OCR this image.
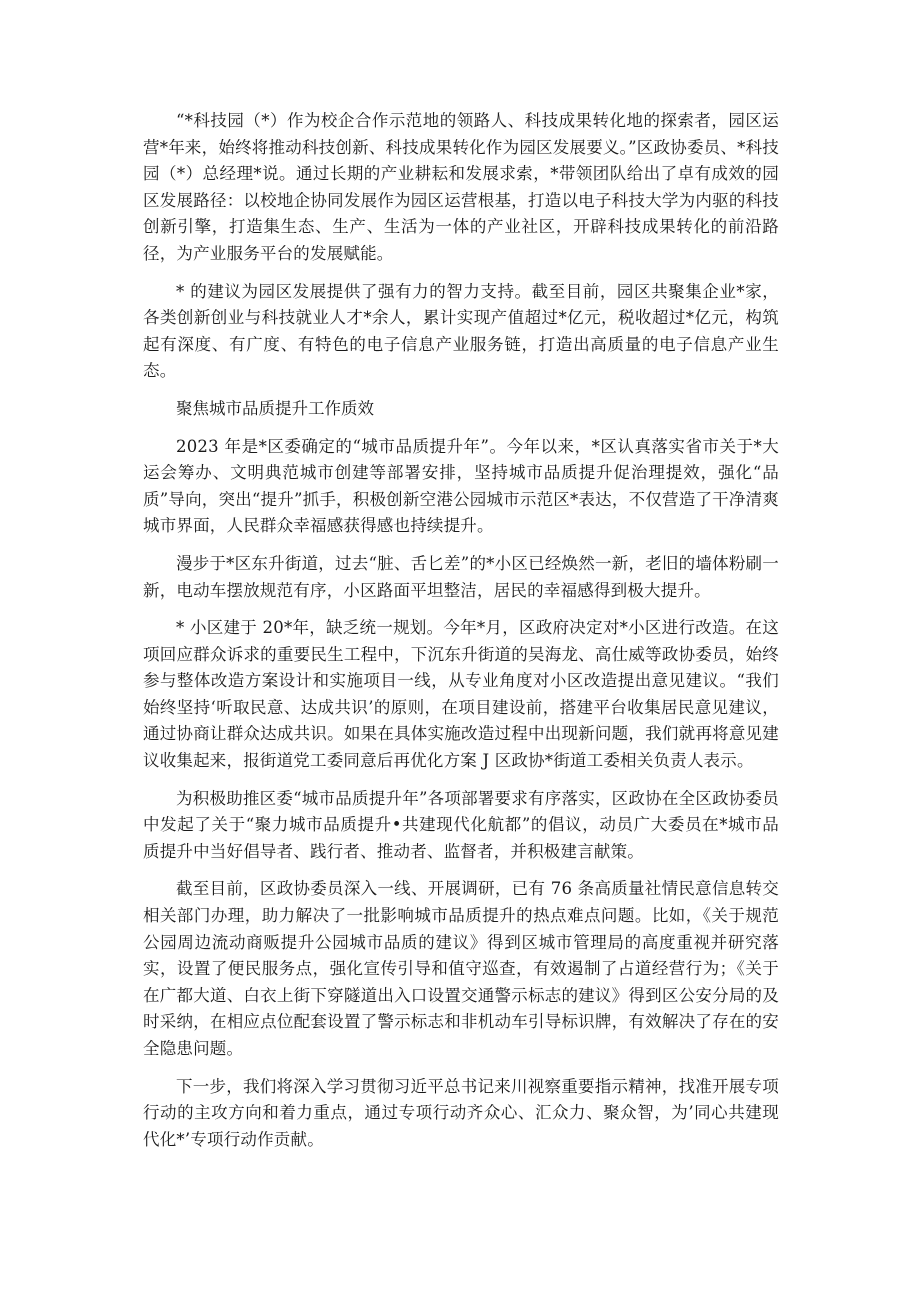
“*科技园（*）作为校企合作示范地的领路人、科技成果转化地的探索者，园区运营*年来，始终将推动科技创新、科技成果转化作为园区发展要义。”区政协委员、*科技园（*）总经理*说。通过长期的产业耕耘和发展求索，*带领团队给出了卓有成效的园区发展路径：以校地企协同发展作为园区运营根基，打造以电子科技大学为内驱的科技创新引擎，打造集生态、生产、生活为一体的产业社区，开辟科技成果转化的前沿路径，为产业服务平台的发展赋能。

* 的建议为园区发展提供了强有力的智力支持。截至目前，园区共聚集企业*家，各类创新创业与科技就业人才*余人，累计实现产值超过*亿元，税收超过*亿元，构筑起有深度、有广度、有特色的电子信息产业服务链，打造出高质量的电子信息产业生态。

聚焦城市品质提升工作质效

2023 年是*区委确定的“城市品质提升年”。今年以来，*区认真落实省市关于*大运会筹办、文明典范城市创建等部署安排，坚持城市品质提升促治理提效，强化“品质”导向，突出“提升”抓手，积极创新空港公园城市示范区*表达，不仅营造了干净清爽城市界面，人民群众幸福感获得感也持续提升。

漫步于*区东升街道，过去“脏、舌匕差”的*小区已经焕然一新，老旧的墙体粉刷一新，电动车摆放规范有序，小区路面平坦整洁，居民的幸福感得到极大提升。

* 小区建于 20*年，缺乏统一规划。今年*月，区政府决定对*小区进行改造。在这项回应群众诉求的重要民生工程中，下沉东升街道的吴海龙、高仕威等政协委员，始终参与整体改造方案设计和实施项目一线，从专业角度对小区改造提出意见建议。“我们始终坚持‘听取民意、达成共识’的原则，在项目建设前，搭建平台收集居民意见建议，通过协商让群众达成共识。如果在具体实施改造过程中出现新问题，我们就再将意见建议收集起来，报街道党工委同意后再优化方案 J 区政协*街道工委相关负责人表示。

为积极助推区委“城市品质提升年”各项部署要求有序落实，区政协在全区政协委员中发起了关于“聚力城市品质提升•共建现代化航都”的倡议，动员广大委员在*城市品质提升中当好倡导者、践行者、推动者、监督者，并积极建言献策。

截至目前，区政协委员深入一线、开展调研，已有 76 条高质量社情民意信息转交相关部门办理，助力解决了一批影响城市品质提升的热点难点问题。比如，《关于规范公园周边流动商贩提升公园城市品质的建议》得到区城市管理局的高度重视并研究落实，设置了便民服务点，强化宣传引导和值守巡查，有效遏制了占道经营行为；《关于在广都大道、白衣上街下穿隧道出入口设置交通警示标志的建议》得到区公安分局的及时采纳，在相应点位配套设置了警示标志和非机动车引导标识牌，有效解决了存在的安全隐患问题。

下一步，我们将深入学习贯彻习近平总书记来川视察重要指示精神，找准开展专项行动的主攻方向和着力重点，通过专项行动齐众心、汇众力、聚众智，为’同心共建现代化*’专项行动作贡献。
